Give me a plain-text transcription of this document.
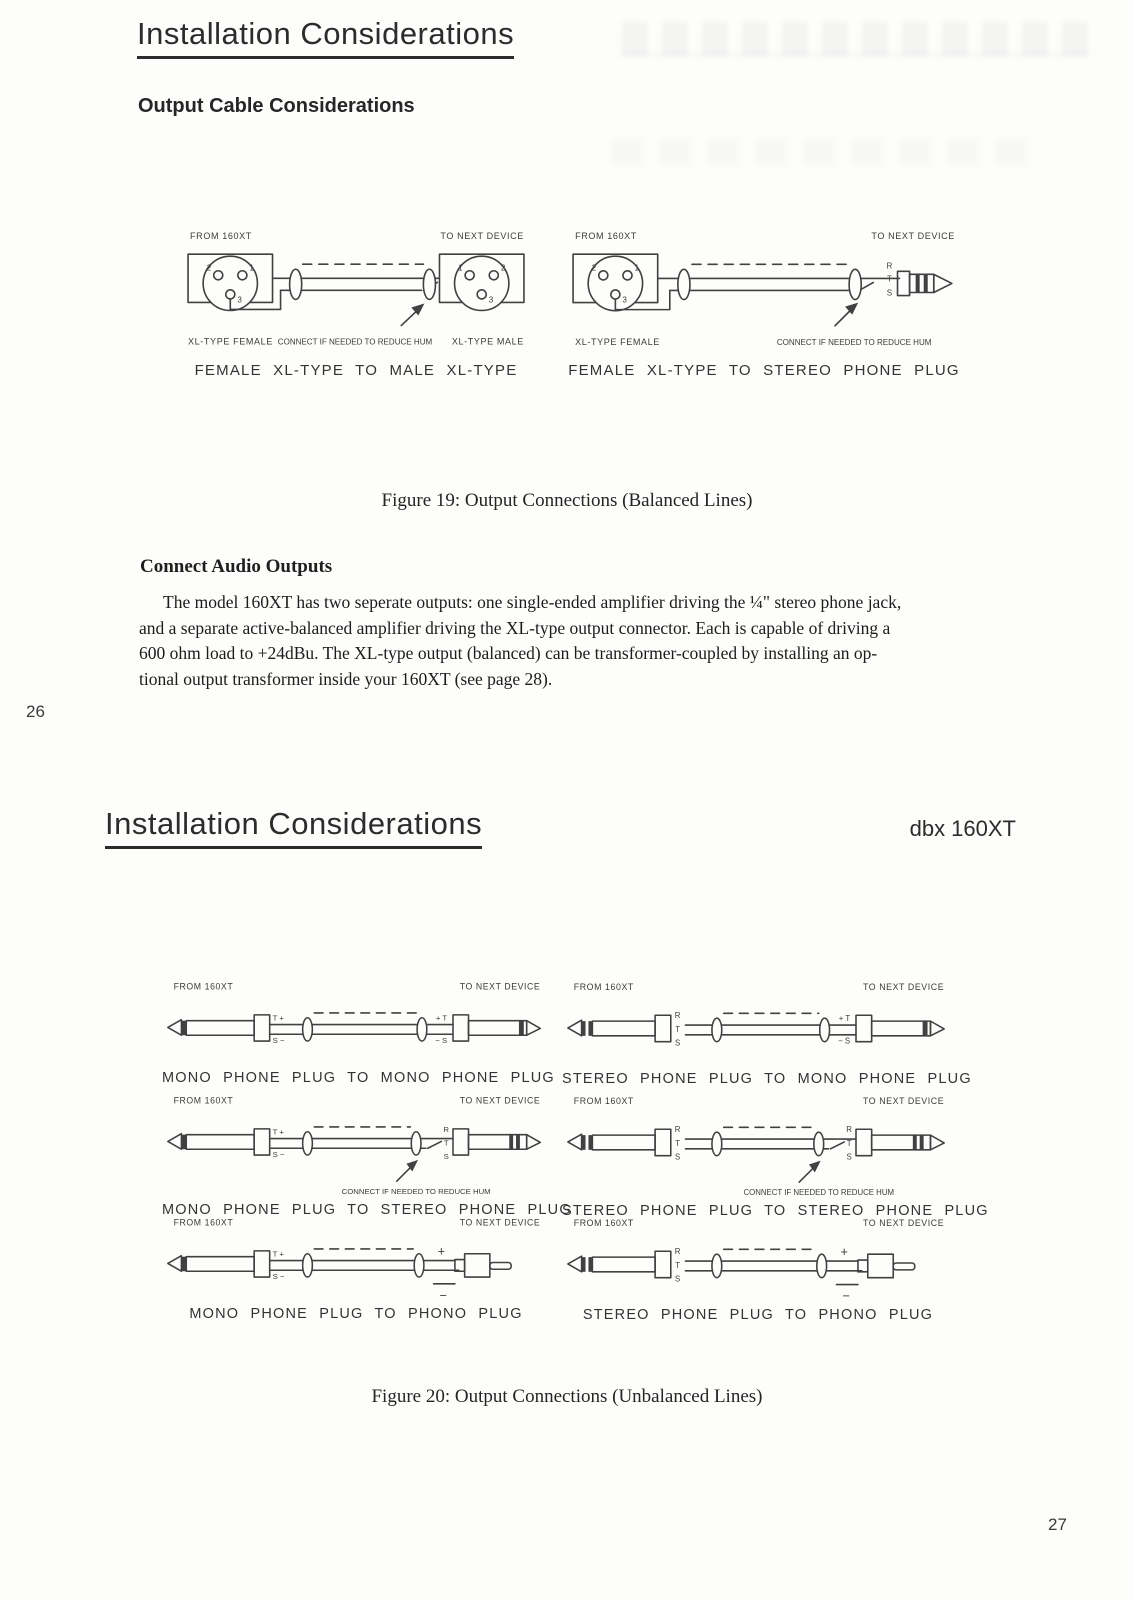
Installation Considerations
Output Cable Considerations
FROM 160XT	TO NEXT DEVICE
2	1
3
1	2
3
XL-TYPE FEMALE CONNECT IF NEEDED TO REDUCE HUM XL-TYPE MALE
FEMALE XL-TYPE TO MALE XL-TYPE
FROM 160XT	TO NEXT DEVICE
2	1
3
R
T
S
XL-TYPE FEMALE	CONNECT IF NEEDED TO REDUCE HUM
FEMALE XL-TYPE TO STEREO PHONE PLUG
Figure 19: Output Connections (Balanced Lines)
Connect Audio Outputs
The model 160XT has two seperate outputs: one single-ended amplifier driving the ¼" stereo phone jack,
and a separate active-balanced amplifier driving the XL-type output connector. Each is capable of driving a
600 ohm load to +24dBu. The XL-type output (balanced) can be transformer-coupled by installing an op-
tional output transformer inside your 160XT (see page 28).
26
Installation Considerations	dbx 160XT
FROM 160XT	TO NEXT DEVICE
T +
S −
+ T
− S
MONO PHONE PLUG TO MONO PHONE PLUG
FROM 160XT	TO NEXT DEVICE
R
T
S
+ T
− S
STEREO PHONE PLUG TO MONO PHONE PLUG
FROM 160XT	TO NEXT DEVICE
T +
S −
R
T
S
CONNECT IF NEEDED TO REDUCE HUM
MONO PHONE PLUG TO STEREO PHONE PLUG
FROM 160XT	TO NEXT DEVICE
R
T
S
R
T
S
CONNECT IF NEEDED TO REDUCE HUM
STEREO PHONE PLUG TO STEREO PHONE PLUG
FROM 160XT	TO NEXT DEVICE
T +
S −
+
−
MONO PHONE PLUG TO PHONO PLUG
FROM 160XT	TO NEXT DEVICE
R
T
S
+
−
STEREO PHONE PLUG TO PHONO PLUG
Figure 20: Output Connections (Unbalanced Lines)
27
